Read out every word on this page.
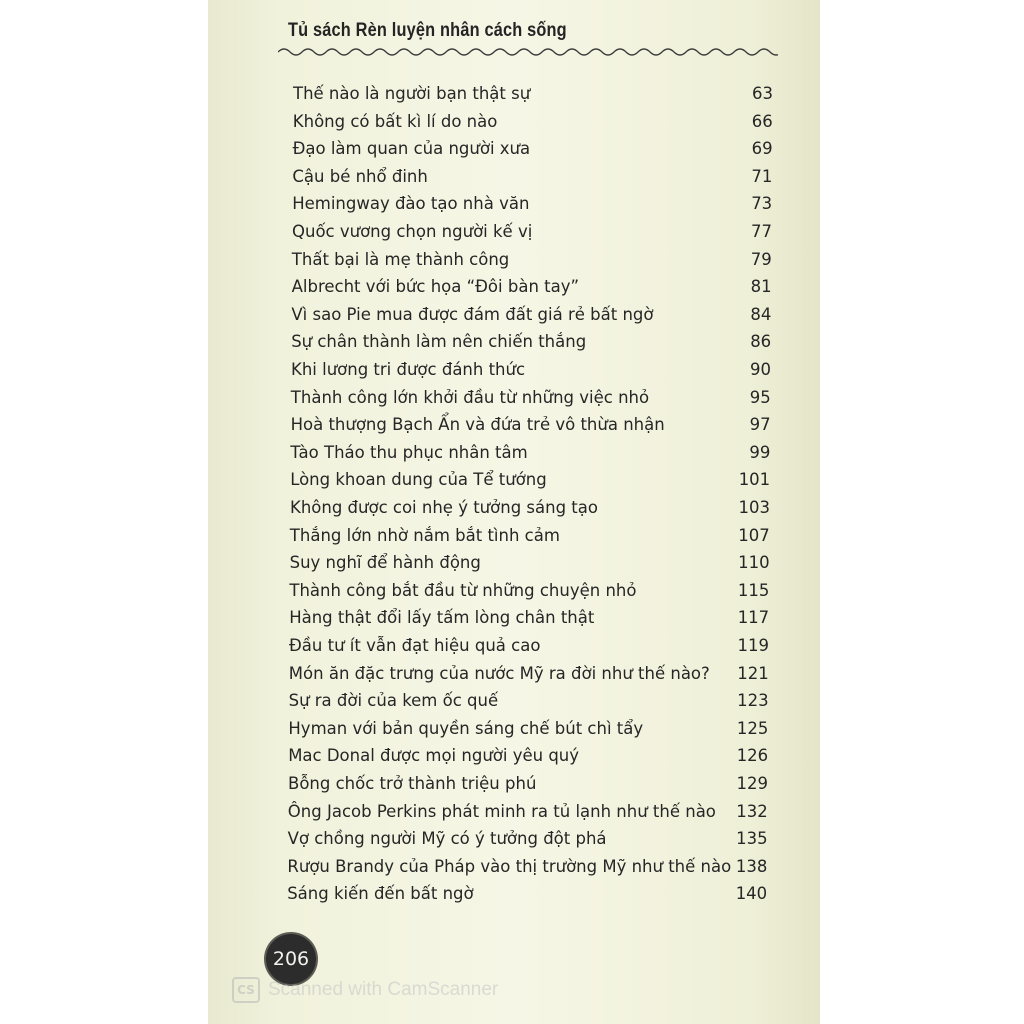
Tủ sách Rèn luyện nhân cách sống
Thế nào là người bạn thật sự	63
Không có bất kì lí do nào	66
Đạo làm quan của người xưa	69
Cậu bé nhổ đinh	71
Hemingway đào tạo nhà văn	73
Quốc vương chọn người kế vị	77
Thất bại là mẹ thành công	79
Albrecht với bức họa “Đôi bàn tay”	81
Vì sao Pie mua được đám đất giá rẻ bất ngờ	84
Sự chân thành làm nên chiến thắng	86
Khi lương tri được đánh thức	90
Thành công lớn khởi đầu từ những việc nhỏ	95
Hoà thượng Bạch Ẩn và đứa trẻ vô thừa nhận	97
Tào Tháo thu phục nhân tâm	99
Lòng khoan dung của Tể tướng	101
Không được coi nhẹ ý tưởng sáng tạo	103
Thắng lớn nhờ nắm bắt tình cảm	107
Suy nghĩ để hành động	110
Thành công bắt đầu từ những chuyện nhỏ	115
Hàng thật đổi lấy tấm lòng chân thật	117
Đầu tư ít vẫn đạt hiệu quả cao	119
Món ăn đặc trưng của nước Mỹ ra đời như thế nào? 121
Sự ra đời của kem ốc quế	123
Hyman với bản quyền sáng chế bút chì tẩy	125
Mac Donal được mọi người yêu quý	126
Bỗng chốc trở thành triệu phú	129
Ông Jacob Perkins phát minh ra tủ lạnh như thế nào 132
Vợ chồng người Mỹ có ý tưởng đột phá	135
Rượu Brandy của Pháp vào thị trường Mỹ như thế nào 138
Sáng kiến đến bất ngờ	140
206
CS Scanned with CamScanner
